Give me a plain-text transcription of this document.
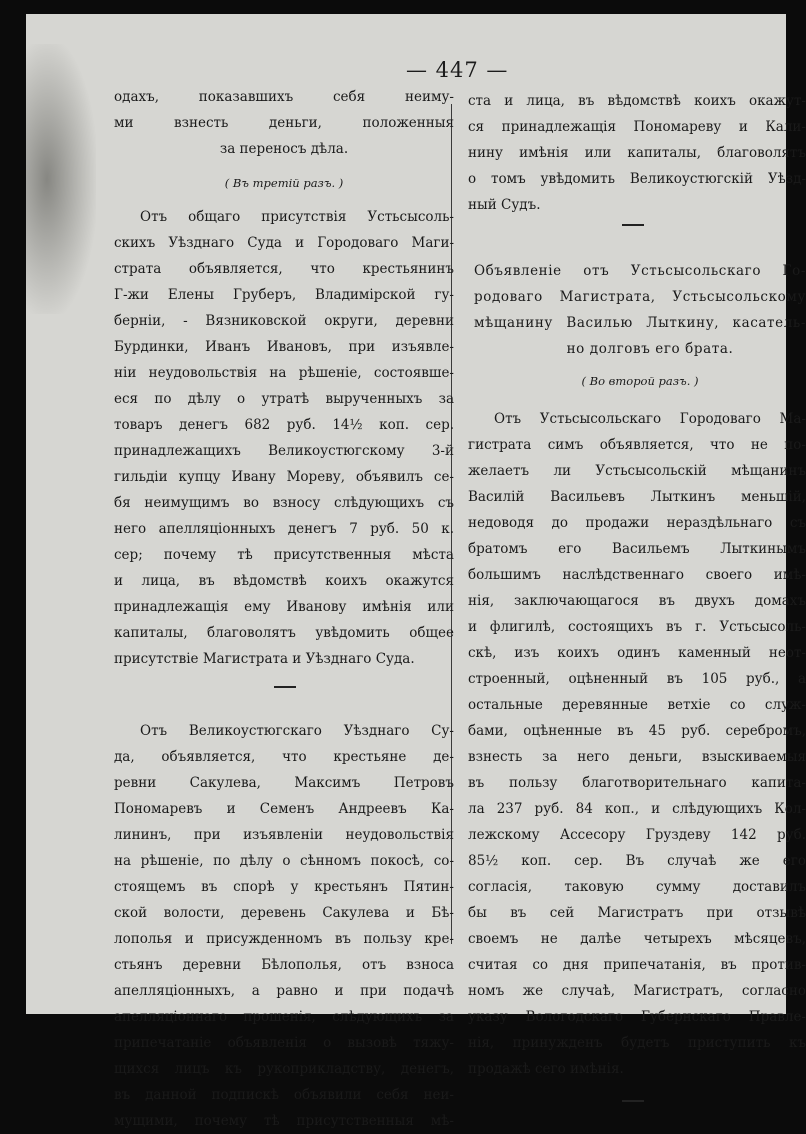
— 447 —
одахъ, показавшихъ себя неиму-
ми взнесть деньги, положенныя
за переносъ дѣла.
( Въ третiй разъ. )
Отъ общаго присутствiя Устьсысоль-
скихъ Уѣзднаго Суда и Городоваго Маги-
страта объявляется, что крестьянинъ
Г-жи Елены Груберъ, Владимiрской гу-
бернiи, - Вязниковской округи, деревни
Бурдинки, Иванъ Ивановъ, при изъявле-
нiи неудовольствiя на рѣшенiе, состоявше-
еся по дѣлу о утратѣ вырученныхъ за
товаръ денегъ 682 руб. 14½ коп. сер.
принадлежащихъ Великоустюгскому 3-й
гильдiи купцу Ивану Мореву, объявилъ се-
бя неимущимъ во взносу слѣдующихъ съ
него апелляцiонныхъ денегъ 7 руб. 50 к.
сер; почему тѣ присутственныя мѣста
и лица, въ вѣдомствѣ коихъ окажутся
принадлежащiя ему Иванову имѣнiя или
капиталы, благоволятъ увѣдомить общее
присутствiе Магистрата и Уѣзднаго Суда.
Отъ Великоустюгскаго Уѣзднаго Су-
да, объявляется, что крестьяне де-
ревни Сакулева, Максимъ Петровъ
Пономаревъ и Семенъ Андреевъ Ка-
лининъ, при изъявленiи неудовольствiя
на рѣшенiе, по дѣлу о сѣнномъ покосѣ, со-
стоящемъ въ спорѣ у крестьянъ Пятин-
ской волости, деревень Сакулева и Бѣ-
лополья и присужденномъ въ пользу кре-
стьянъ деревни Бѣлополья, отъ взноса
апелляцiонныхъ, а равно и при подачѣ
апелляцiоннаго прошенiя, слѣдующихъ за
припечатанiе объявленiя о вызовѣ тяжу-
щихся лицъ къ рукоприкладству, денегъ,
въ данной подпискѣ объявили себя неи-
мущими, почему тѣ присутственныя мѣ-
ста и лица, въ вѣдомствѣ коихъ окажут-
ся принадлежащiя Пономареву и Кали-
нину имѣнiя или капиталы, благоволятъ
о томъ увѣдомить Великоустюгскiй Уѣзд-
ный Судъ.
Объявленiе отъ Устьсысольскаго Го-
родоваго Магистрата, Устьсысольскому
мѣщанину Василью Лыткину, касатель-
но долговъ его брата.
( Во второй разъ. )
Отъ Устьсысольскаго Городоваго Ма-
гистрата симъ объявляется, что не по-
желаетъ ли Устьсысольскiй мѣщанинъ
Василiй Васильевъ Лыткинъ меньшiй,
недоводя до продажи нераздѣльнаго съ
братомъ его Васильемъ Лыткинымъ
большимъ наслѣдственнаго своего имѣ-
нiя, заключающагося въ двухъ домахъ
и флигилѣ, состоящихъ въ г. Устьсысоль-
скѣ, изъ коихъ одинъ каменный неот-
строенный, оцѣненный въ 105 руб., а
остальные деревянные ветхiе со служ-
бами, оцѣненные въ 45 руб. серебромъ,
взнесть за него деньги, взыскиваемыя
въ пользу благотворительнаго капита-
ла 237 руб. 84 коп., и слѣдующихъ Кол-
лежскому Ассесору Груздеву 142 руб.
85½ коп. сер. Въ случаѣ же его
согласiя, таковую сумму доставилъ
бы въ сей Магистратъ при отзывѣ
своемъ не далѣе четырехъ мѣсяцевъ,
считая со дня припечатанiя, въ против-
номъ же случаѣ, Магистратъ, согласно
указу Вологодскаго Губернскаго Правле-
нiя, принужденъ будетъ приступить къ
продажѣ сего имѣнiя.
